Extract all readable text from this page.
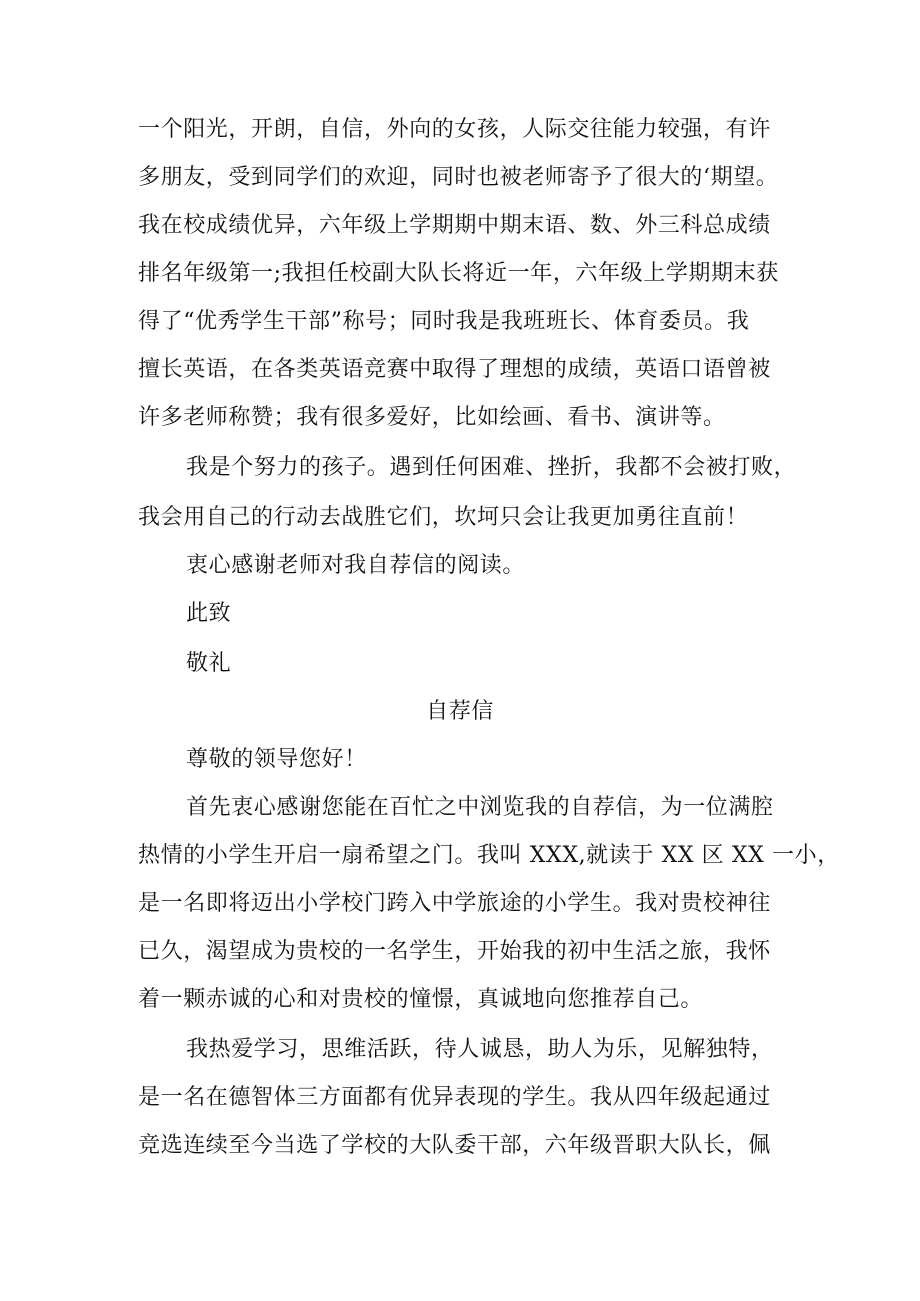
一个阳光，开朗，自信，外向的女孩，人际交往能力较强，有许
多朋友，受到同学们的欢迎，同时也被老师寄予了很大的‘期望。
我在校成绩优异，六年级上学期期中期末语、数、外三科总成绩
排名年级第一;我担任校副大队长将近一年，六年级上学期期末获
得了“优秀学生干部”称号；同时我是我班班长、体育委员。我
擅长英语，在各类英语竞赛中取得了理想的成绩，英语口语曾被
许多老师称赞；我有很多爱好，比如绘画、看书、演讲等。
我是个努力的孩子。遇到任何困难、挫折，我都不会被打败，
我会用自己的行动去战胜它们，坎坷只会让我更加勇往直前！
衷心感谢老师对我自荐信的阅读。
此致
敬礼
自荐信
尊敬的领导您好！
首先衷心感谢您能在百忙之中浏览我的自荐信，为一位满腔
热情的小学生开启一扇希望之门。我叫 XXX,就读于 XX 区 XX 一小，
是一名即将迈出小学校门跨入中学旅途的小学生。我对贵校神往
已久，渴望成为贵校的一名学生，开始我的初中生活之旅，我怀
着一颗赤诚的心和对贵校的憧憬，真诚地向您推荐自己。
我热爱学习，思维活跃，待人诚恳，助人为乐，见解独特，
是一名在德智体三方面都有优异表现的学生。我从四年级起通过
竞选连续至今当选了学校的大队委干部，六年级晋职大队长，佩
